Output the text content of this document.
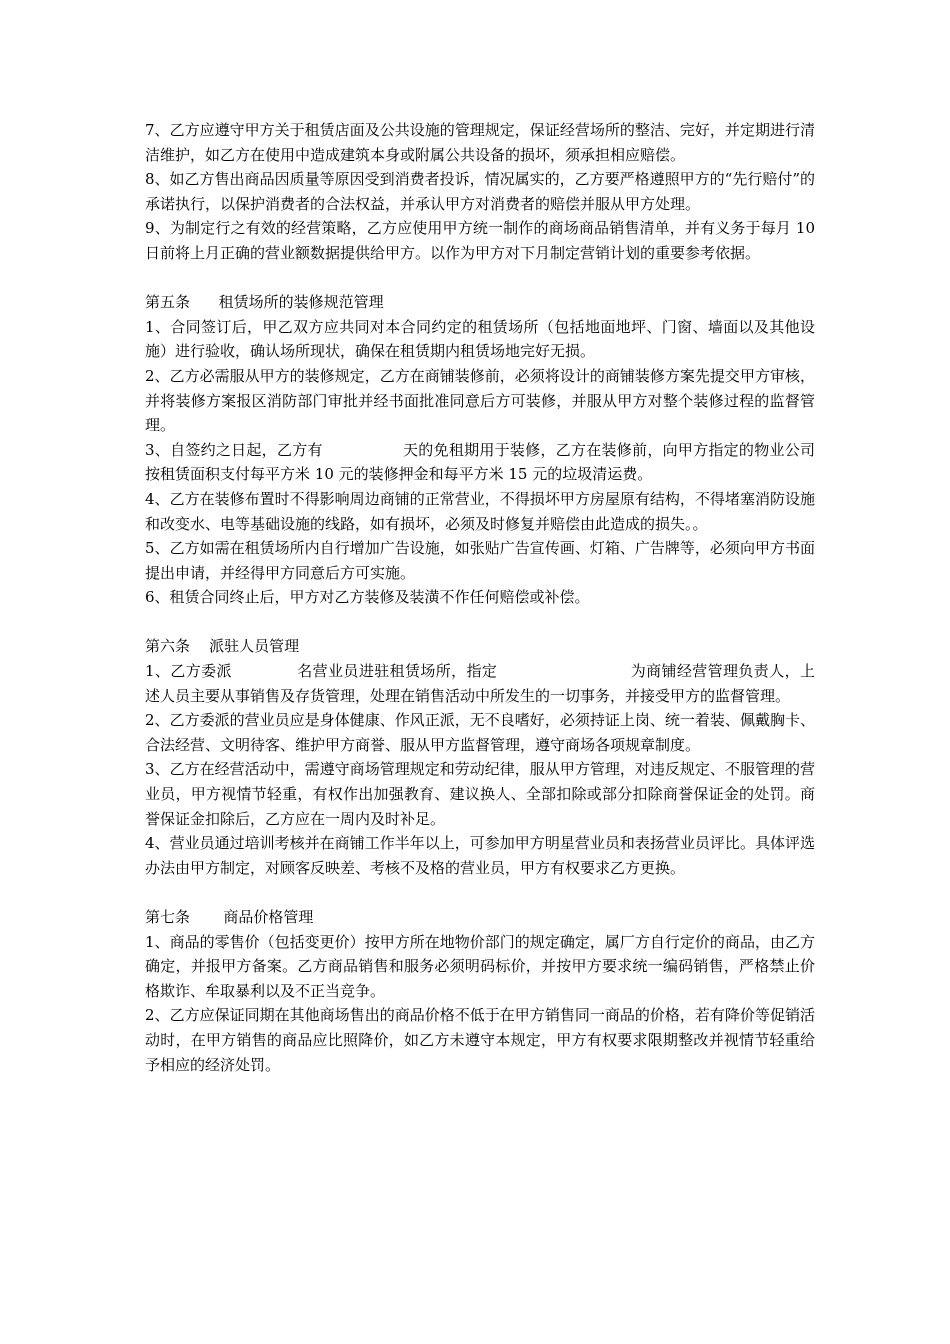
7、乙方应遵守甲方关于租赁店面及公共设施的管理规定，保证经营场所的整洁、完好，并定期进行清洁维护，如乙方在使用中造成建筑本身或附属公共设备的损坏，须承担相应赔偿。

8、如乙方售出商品因质量等原因受到消费者投诉，情况属实的，乙方要严格遵照甲方的“先行赔付”的承诺执行，以保护消费者的合法权益，并承认甲方对消费者的赔偿并服从甲方处理。

9、为制定行之有效的经营策略，乙方应使用甲方统一制作的商场商品销售清单，并有义务于每月 10 日前将上月正确的营业额数据提供给甲方。以作为甲方对下月制定营销计划的重要参考依据。

第五条      租赁场所的装修规范管理

1、合同签订后，甲乙双方应共同对本合同约定的租赁场所（包括地面地坪、门窗、墙面以及其他设施）进行验收，确认场所现状，确保在租赁期内租赁场地完好无损。

2、乙方必需服从甲方的装修规定，乙方在商铺装修前，必须将设计的商铺装修方案先提交甲方审核，并将装修方案报区消防部门审批并经书面批准同意后方可装修，并服从甲方对整个装修过程的监督管理。

3、自签约之日起，乙方有	天的免租期用于装修，乙方在装修前，向甲方指定的物业公司按租赁面积支付每平方米 10 元的装修押金和每平方米 15 元的垃圾清运费。

4、乙方在装修布置时不得影响周边商铺的正常营业，不得损坏甲方房屋原有结构，不得堵塞消防设施和改变水、电等基础设施的线路，如有损坏，必须及时修复并赔偿由此造成的损失。。

5、乙方如需在租赁场所内自行增加广告设施，如张贴广告宣传画、灯箱、广告牌等，必须向甲方书面提出申请，并经得甲方同意后方可实施。

6、租赁合同终止后，甲方对乙方装修及装潢不作任何赔偿或补偿。

第六条    派驻人员管理

1、乙方委派	名营业员进驻租赁场所，指定	为商铺经营管理负责人，上述人员主要从事销售及存货管理，处理在销售活动中所发生的一切事务，并接受甲方的监督管理。

2、乙方委派的营业员应是身体健康、作风正派，无不良嗜好，必须持证上岗、统一着装、佩戴胸卡、合法经营、文明待客、维护甲方商誉、服从甲方监督管理，遵守商场各项规章制度。

3、乙方在经营活动中，需遵守商场管理规定和劳动纪律，服从甲方管理，对违反规定、不服管理的营业员，甲方视情节轻重，有权作出加强教育、建议换人、全部扣除或部分扣除商誉保证金的处罚。商誉保证金扣除后，乙方应在一周内及时补足。

4、营业员通过培训考核并在商铺工作半年以上，可参加甲方明星营业员和表扬营业员评比。具体评选办法由甲方制定，对顾客反映差、考核不及格的营业员，甲方有权要求乙方更换。

第七条       商品价格管理

1、商品的零售价（包括变更价）按甲方所在地物价部门的规定确定，属厂方自行定价的商品，由乙方确定，并报甲方备案。乙方商品销售和服务必须明码标价，并按甲方要求统一编码销售，严格禁止价格欺诈、牟取暴利以及不正当竞争。

2、乙方应保证同期在其他商场售出的商品价格不低于在甲方销售同一商品的价格，若有降价等促销活动时，在甲方销售的商品应比照降价，如乙方未遵守本规定，甲方有权要求限期整改并视情节轻重给予相应的经济处罚。
